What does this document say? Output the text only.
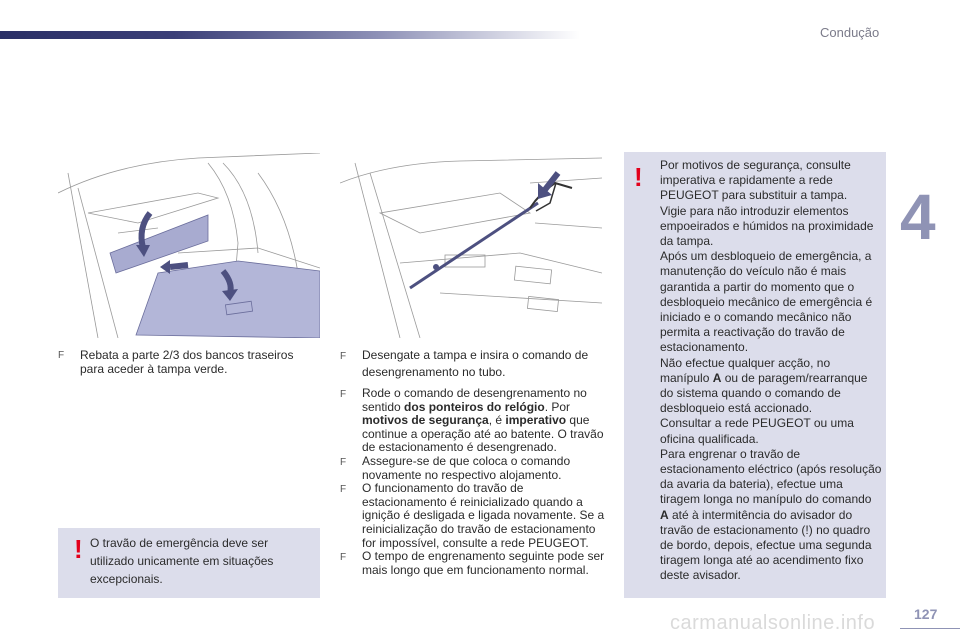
Condução
4
F	Rebata a parte 2/3 dos bancos traseiros para aceder à tampa verde.
F Desengate a tampa e insira o comando de desengrenamento no tubo.
F Rode o comando de desengrenamento no sentido dos ponteiros do relógio. Por motivos de segurança, é imperativo que continue a operação até ao batente. O travão de estacionamento é desengrenado.
F Assegure-se de que coloca o comando novamente no respectivo alojamento.
F O funcionamento do travão de estacionamento é reinicializado quando a ignição é desligada e ligada novamente. Se a reinicialização do travão de estacionamento for impossível, consulte a rede PEUGEOT.
F O tempo de engrenamento seguinte pode ser mais longo que em funcionamento normal.
! O travão de emergência deve ser utilizado unicamente em situações excepcionais.
! Por motivos de segurança, consulte imperativa e rapidamente a rede PEUGEOT para substituir a tampa.
Vigie para não introduzir elementos empoeirados e húmidos na proximidade da tampa.
Após um desbloqueio de emergência, a manutenção do veículo não é mais garantida a partir do momento que o desbloqueio mecânico de emergência é iniciado e o comando mecânico não permita a reactivação do travão de estacionamento.
Não efectue qualquer acção, no manípulo A ou de paragem/rearranque do sistema quando o comando de desbloqueio está accionado.
Consultar a rede PEUGEOT ou uma oficina qualificada.
Para engrenar o travão de estacionamento eléctrico (após resolução da avaria da bateria), efectue uma tiragem longa no manípulo do comando A até à intermitência do avisador do travão de estacionamento (!) no quadro de bordo, depois, efectue uma segunda tiragem longa até ao acendimento fixo deste avisador.
carmanualsonline.info	127
